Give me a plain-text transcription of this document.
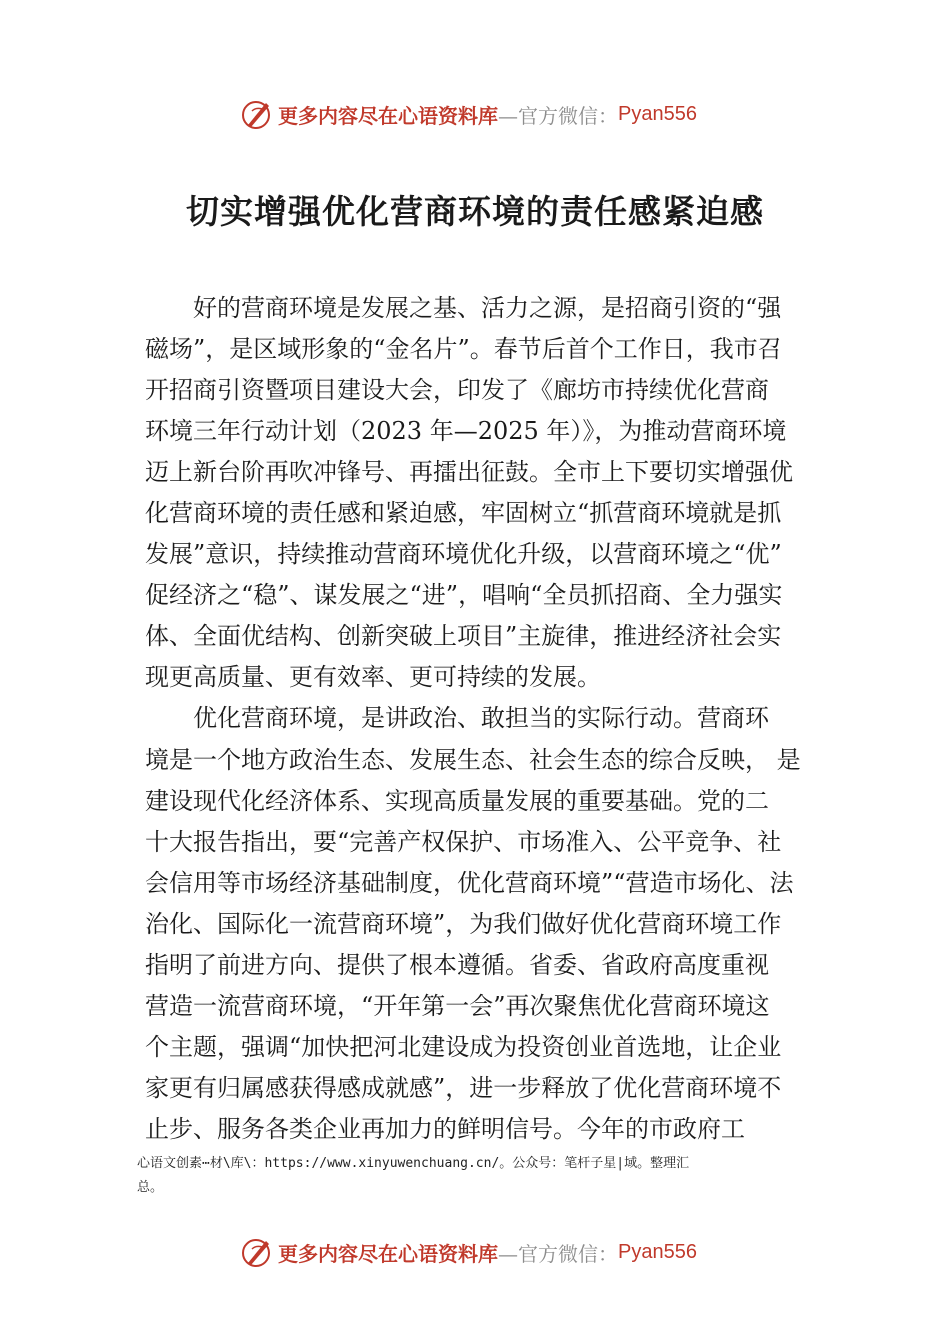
更多内容尽在心语资料库 —官方微信： Pyan556
切实增强优化营商环境的责任感紧迫感

好的营商环境是发展之基、活力之源，是招商引资的“强

磁场”，是区域形象的“金名片”。春节后首个工作日，我市召

开招商引资暨项目建设大会，印发了《廊坊市持续优化营商

环境三年行动计划（2023 年—2025 年）》，为推动营商环境

迈上新台阶再吹冲锋号、再擂出征鼓。全市上下要切实增强优

化营商环境的责任感和紧迫感，牢固树立“抓营商环境就是抓

发展”意识，持续推动营商环境优化升级，以营商环境之“优”

促经济之“稳”、谋发展之“进”，唱响“全员抓招商、全力强实

体、全面优结构、创新突破上项目”主旋律，推进经济社会实

现更高质量、更有效率、更可持续的发展。

优化营商环境，是讲政治、敢担当的实际行动。营商环

境是一个地方政治生态、发展生态、社会生态的综合反映， 是

建设现代化经济体系、实现高质量发展的重要基础。党的二

十大报告指出，要“完善产权保护、市场准入、公平竞争、社

会信用等市场经济基础制度，优化营商环境”“营造市场化、法

治化、国际化一流营商环境”，为我们做好优化营商环境工作

指明了前进方向、提供了根本遵循。省委、省政府高度重视

营造一流营商环境，“开年第一会”再次聚焦优化营商环境这

个主题，强调“加快把河北建设成为投资创业首选地，让企业

家更有归属感获得感成就感”，进一步释放了优化营商环境不

止步、服务各类企业再加力的鲜明信号。今年的市政府工

心语文创素⋯材\库\：https://www.xinyuwenchuang.cn/。公众号：笔杆子星|域。整理汇

总。

更多内容尽在心语资料库 —官方微信： Pyan556
